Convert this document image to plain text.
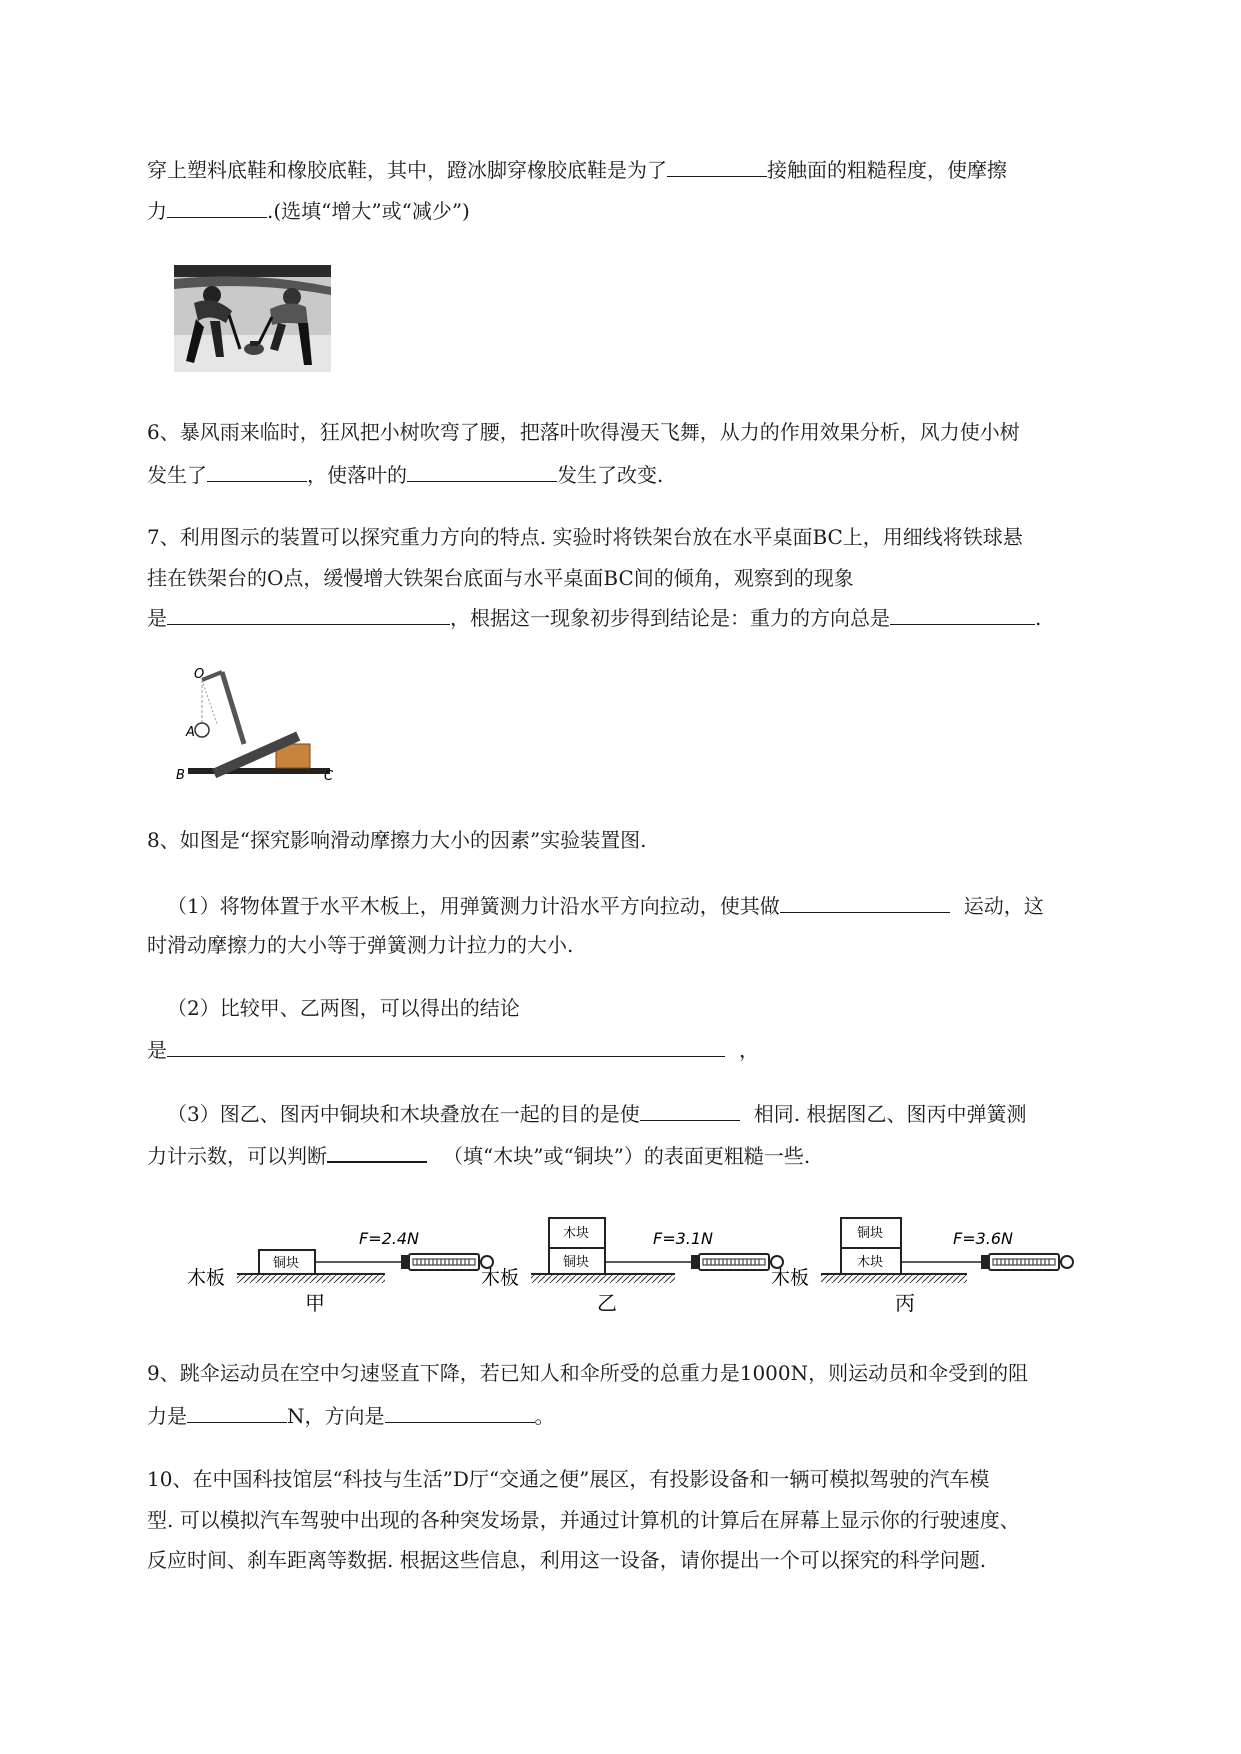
穿上塑料底鞋和橡胶底鞋，其中，蹬冰脚穿橡胶底鞋是为了	接触面的粗糙程度，使摩擦
力	.(选填“增大”或“减少”)
6、暴风雨来临时，狂风把小树吹弯了腰，把落叶吹得漫天飞舞，从力的作用效果分析，风力使小树
发生了	，使落叶的	发生了改变.
7、利用图示的装置可以探究重力方向的特点. 实验时将铁架台放在水平桌面BC上，用细线将铁球悬
挂在铁架台的O点，缓慢增大铁架台底面与水平桌面BC间的倾角，观察到的现象
是	，根据这一现象初步得到结论是：重力的方向总是	.
B	C
O
A
8、如图是“探究影响滑动摩擦力大小的因素”实验装置图.
（1）将物体置于水平木板上，用弹簧测力计沿水平方向拉动，使其做	运动，这
时滑动摩擦力的大小等于弹簧测力计拉力的大小.
（2）比较甲、乙两图，可以得出的结论
是	，
（3）图乙、图丙中铜块和木块叠放在一起的目的是使	相同. 根据图乙、图丙中弹簧测
力计示数，可以判断	（填“木块”或“铜块”）的表面更粗糙一些.
木板
铜块
F=2.4N
甲
木板
铜块
木块	F=3.1N
乙
木板
木块
铜块	F=3.6N
丙
9、跳伞运动员在空中匀速竖直下降，若已知人和伞所受的总重力是1000N，则运动员和伞受到的阻
力是	N，方向是	。
10、在中国科技馆层“科技与生活”D厅“交通之便”展区，有投影设备和一辆可模拟驾驶的汽车模
型. 可以模拟汽车驾驶中出现的各种突发场景，并通过计算机的计算后在屏幕上显示你的行驶速度、
反应时间、刹车距离等数据. 根据这些信息，利用这一设备，请你提出一个可以探究的科学问题.
